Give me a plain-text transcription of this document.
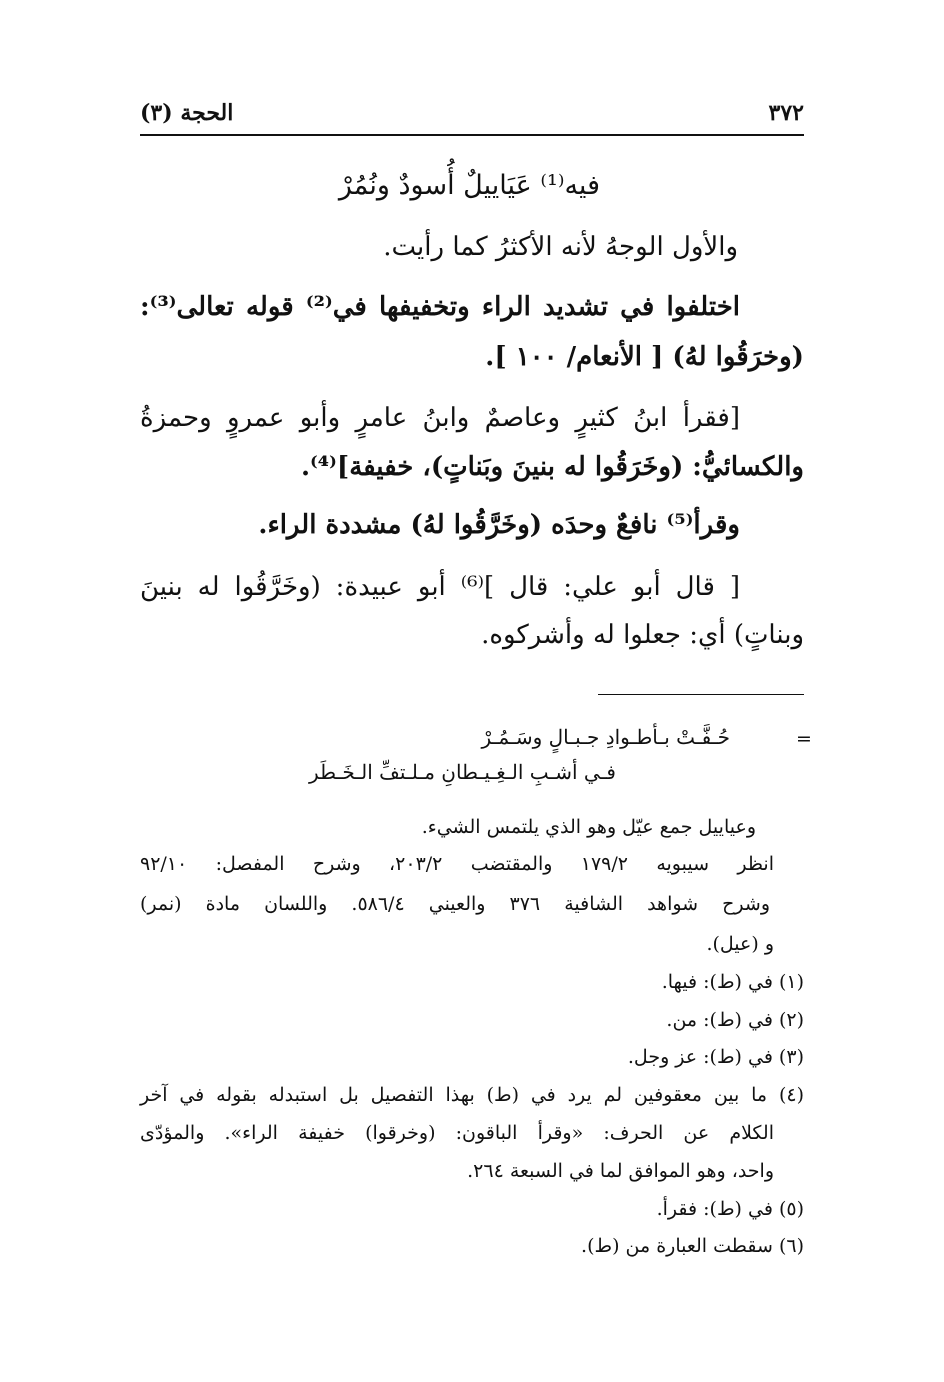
٣٧٢
الحجة (٣)
فيه⁽¹⁾ عَيَاييلٌ أُسودٌ ونُمُرْ
والأول الوجهُ لأنه الأكثرُ كما رأيت.
اختلفوا في تشديد الراء وتخفيفها في⁽²⁾ قوله تعالى⁽³⁾:
(وخرَقُوا لهُ) [ الأنعام/ ١٠٠ ].
[فقرأ ابنُ كثيرٍ وعاصمٌ وابنُ عامرٍ وأبو عمروٍ وحمزةُ
والكسائيُّ: (وخَرَقُوا له بنينَ وبَناتٍ)، خفيفة]⁽⁴⁾.
وقرأ⁽⁵⁾ نافعٌ وحدَه (وخَرَّقُوا لهُ) مشددة الراء.
[ قال أبو علي: قال ]⁽⁶⁾ أبو عبيدة: (وخَرَّقُوا له بنينَ
وبناتٍ) أي: جعلوا له وأشركوه.
=
حُـفَّـتْ بـأطـوادِ جـبـالٍ وسَـمُـرْ
فـي أشـبِ الـغِـيـطانِ مـلـتفِّ الـخَـطَر
وعياييل جمع عيّل وهو الذي يلتمس الشيء.
انظر سيبويه ١٧٩/٢ والمقتضب ٢٠٣/٢، وشرح المفصل: ٩٢/١٠
وشرح شواهد الشافية ٣٧٦ والعيني ٥٨٦/٤. واللسان مادة (نمر)
و (عيل).
(١) في (ط): فيها.
(٢) في (ط): من.
(٣) في (ط): عز وجل.
(٤) ما بين معقوفين لم يرد في (ط) بهذا التفصيل بل استبدله بقوله في آخر
الكلام عن الحرف: «وقرأ الباقون: (وخرقوا) خفيفة الراء». والمؤدّى
واحد، وهو الموافق لما في السبعة ٢٦٤.
(٥) في (ط): فقرأ.
(٦) سقطت العبارة من (ط).
